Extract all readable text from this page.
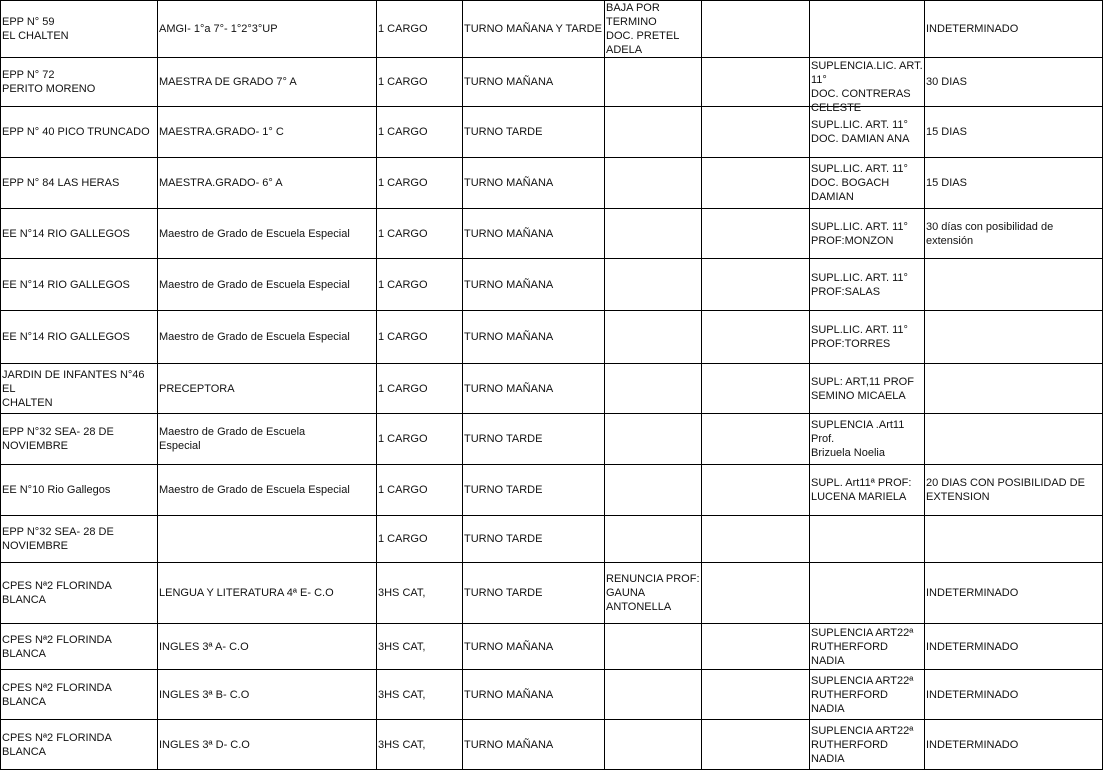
EPP N° 59
EL CHALTEN	AMGI- 1°a 7°- 1°2°3°UP	1 CARGO	TURNO MAÑANA Y TARDE	BAJA POR TERMINO
DOC. PRETEL
ADELA			INDETERMINADO
EPP N° 72
PERITO MORENO	MAESTRA DE GRADO 7° A	1 CARGO	TURNO MAÑANA			SUPLENCIA.LIC. ART.
11°
DOC. CONTRERAS
CELESTE	30 DIAS
EPP N° 40 PICO TRUNCADO	MAESTRA.GRADO- 1° C	1 CARGO	TURNO TARDE			SUPL.LIC. ART. 11°
DOC. DAMIAN ANA	15 DIAS
EPP N° 84 LAS HERAS	MAESTRA.GRADO- 6° A	1 CARGO	TURNO MAÑANA			SUPL.LIC. ART. 11°
DOC. BOGACH
DAMIAN	15 DIAS
EE N°14 RIO GALLEGOS	Maestro de Grado de Escuela Especial	1 CARGO	TURNO MAÑANA			SUPL.LIC. ART. 11°
PROF:MONZON	30 días con posibilidad de
extensión
EE N°14 RIO GALLEGOS	Maestro de Grado de Escuela Especial	1 CARGO	TURNO MAÑANA			SUPL.LIC. ART. 11°
PROF:SALAS	
EE N°14 RIO GALLEGOS	Maestro de Grado de Escuela Especial	1 CARGO	TURNO MAÑANA			SUPL.LIC. ART. 11°
PROF:TORRES	
JARDIN DE INFANTES N°46 EL
CHALTEN	PRECEPTORA	1 CARGO	TURNO MAÑANA			SUPL: ART,11 PROF
SEMINO MICAELA	
EPP N°32 SEA- 28 DE
NOVIEMBRE	Maestro de Grado de Escuela
Especial	1 CARGO	TURNO TARDE			SUPLENCIA .Art11
Prof.
Brizuela Noelia	
EE N°10 Rio Gallegos	Maestro de Grado de Escuela Especial	1 CARGO	TURNO TARDE			SUPL. Art11ª PROF:
LUCENA MARIELA	20 DIAS CON POSIBILIDAD DE
EXTENSION
EPP N°32 SEA- 28 DE
NOVIEMBRE		1 CARGO	TURNO TARDE				
CPES Nª2 FLORINDA BLANCA	LENGUA Y LITERATURA 4ª E- C.O	3HS CAT,	TURNO TARDE	RENUNCIA PROF:
GAUNA
ANTONELLA			INDETERMINADO
CPES Nª2 FLORINDA BLANCA	INGLES 3ª A- C.O	3HS CAT,	TURNO MAÑANA			SUPLENCIA ART22ª
RUTHERFORD NADIA	INDETERMINADO
CPES Nª2 FLORINDA BLANCA	INGLES 3ª B- C.O	3HS CAT,	TURNO MAÑANA			SUPLENCIA ART22ª
RUTHERFORD NADIA	INDETERMINADO
CPES Nª2 FLORINDA BLANCA	INGLES 3ª D- C.O	3HS CAT,	TURNO MAÑANA			SUPLENCIA ART22ª
RUTHERFORD NADIA	INDETERMINADO
